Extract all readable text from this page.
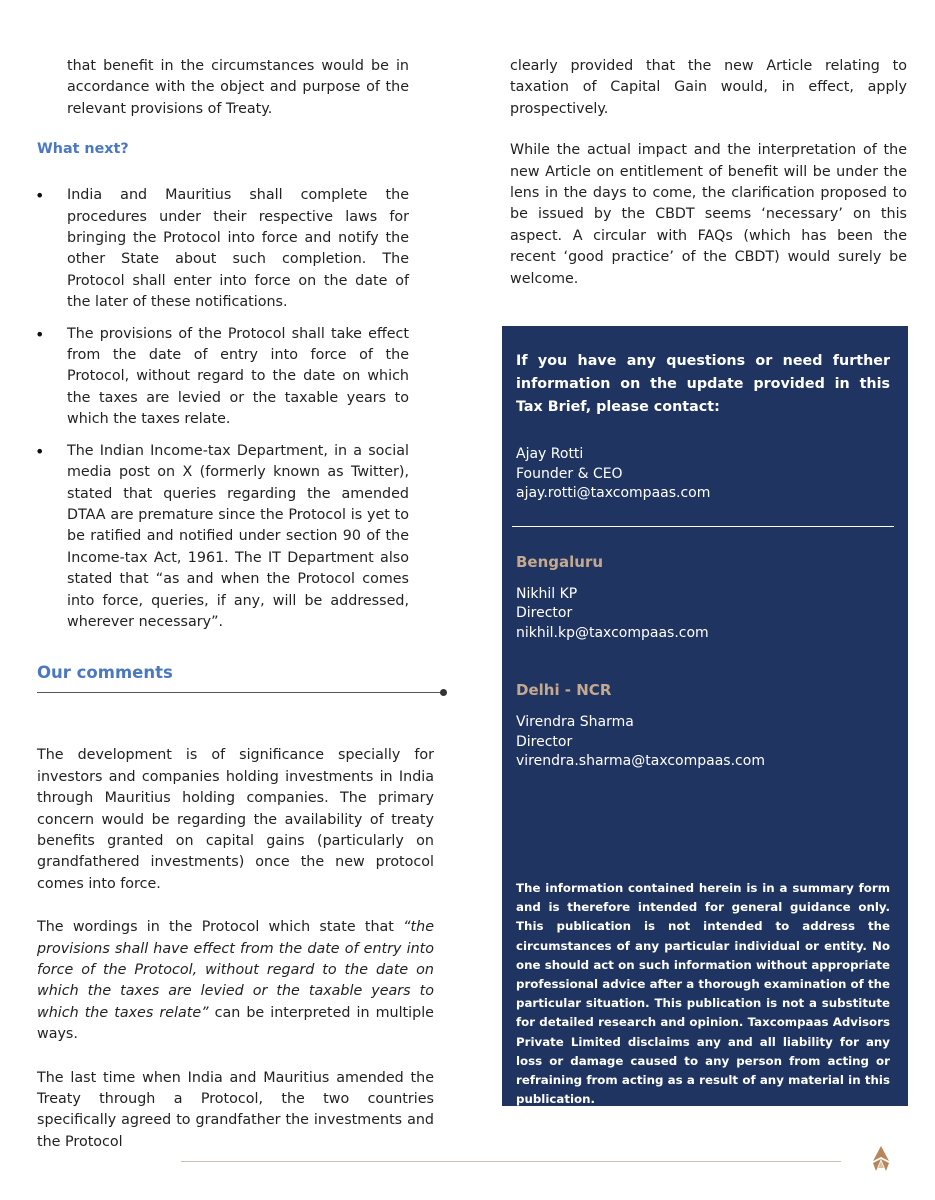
that benefit in the circumstances would be in accordance with the object and purpose of the relevant provisions of Treaty.

What next?

• India and Mauritius shall complete the procedures under their respective laws for bringing the Protocol into force and notify the other State about such completion. The Protocol shall enter into force on the date of the later of these notifications.

• The provisions of the Protocol shall take effect from the date of entry into force of the Protocol, without regard to the date on which the taxes are levied or the taxable years to which the taxes relate.

• The Indian Income-tax Department, in a social media post on X (formerly known as Twitter), stated that queries regarding the amended DTAA are premature since the Protocol is yet to be ratified and notified under section 90 of the Income-tax Act, 1961. The IT Department also stated that “as and when the Protocol comes into force, queries, if any, will be addressed, wherever necessary”.

Our comments

The development is of significance specially for investors and companies holding investments in India through Mauritius holding companies. The primary concern would be regarding the availability of treaty benefits granted on capital gains (particularly on grandfathered investments) once the new protocol comes into force.

The wordings in the Protocol which state that “the provisions shall have effect from the date of entry into force of the Protocol, without regard to the date on which the taxes are levied or the taxable years to which the taxes relate” can be interpreted in multiple ways.

The last time when India and Mauritius amended the Treaty through a Protocol, the two countries specifically agreed to grandfather the investments and the Protocol

clearly provided that the new Article relating to taxation of Capital Gain would, in effect, apply prospectively.

While the actual impact and the interpretation of the new Article on entitlement of benefit will be under the lens in the days to come, the clarification proposed to be issued by the CBDT seems ‘necessary’ on this aspect. A circular with FAQs (which has been the recent ‘good practice’ of the CBDT) would surely be welcome.

If you have any questions or need further information on the update provided in this Tax Brief, please contact:

Ajay Rotti
Founder & CEO
ajay.rotti@taxcompaas.com

Bengaluru

Nikhil KP
Director
nikhil.kp@taxcompaas.com

Delhi - NCR

Virendra Sharma
Director
virendra.sharma@taxcompaas.com

The information contained herein is in a summary form and is therefore intended for general guidance only. This publication is not intended to address the circumstances of any particular individual or entity. No one should act on such information without appropriate professional advice after a thorough examination of the particular situation. This publication is not a substitute for detailed research and opinion. Taxcompaas Advisors Private Limited disclaims any and all liability for any loss or damage caused to any person from acting or refraining from acting as a result of any material in this publication.
